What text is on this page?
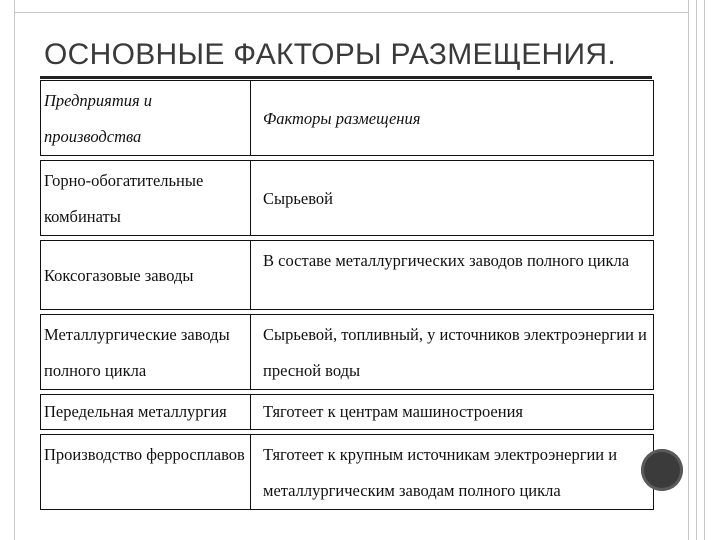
ОСНОВНЫЕ ФАКТОРЫ РАЗМЕЩЕНИЯ.
Предприятия и производства	Факторы размещения

Горно-обогатительные комбинаты	Сырьевой

Коксогазовые заводы	В составе металлургических заводов полного цикла

Металлургические заводы полного цикла	Сырьевой, топливный, у источников электроэнергии и пресной воды

Передельная металлургия	Тяготеет к центрам машиностроения

Производство ферросплавов	Тяготеет к крупным источникам электроэнергии и металлургическим заводам полного цикла
